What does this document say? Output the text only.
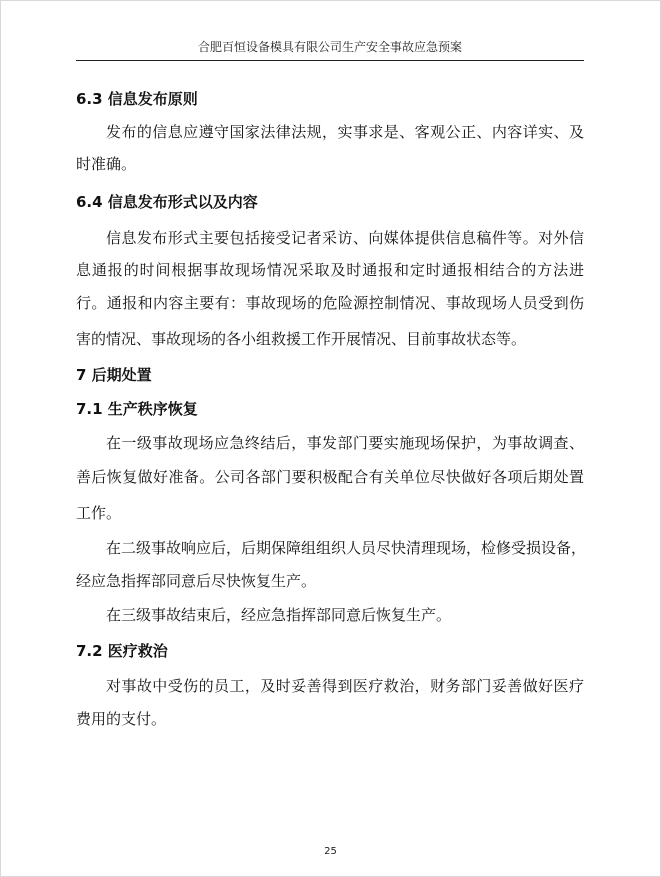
合肥百恒设备模具有限公司生产安全事故应急预案
6.3 信息发布原则
发布的信息应遵守国家法律法规，实事求是、客观公正、内容详实、及
时准确。
6.4 信息发布形式以及内容
信息发布形式主要包括接受记者采访、向媒体提供信息稿件等。对外信
息通报的时间根据事故现场情况采取及时通报和定时通报相结合的方法进
行。通报和内容主要有：事故现场的危险源控制情况、事故现场人员受到伤
害的情况、事故现场的各小组救援工作开展情况、目前事故状态等。
7 后期处置
7.1 生产秩序恢复
在一级事故现场应急终结后，事发部门要实施现场保护，为事故调查、
善后恢复做好准备。公司各部门要积极配合有关单位尽快做好各项后期处置
工作。
在二级事故响应后，后期保障组组织人员尽快清理现场，检修受损设备，
经应急指挥部同意后尽快恢复生产。
在三级事故结束后，经应急指挥部同意后恢复生产。
7.2 医疗救治
对事故中受伤的员工，及时妥善得到医疗救治，财务部门妥善做好医疗
费用的支付。
25
